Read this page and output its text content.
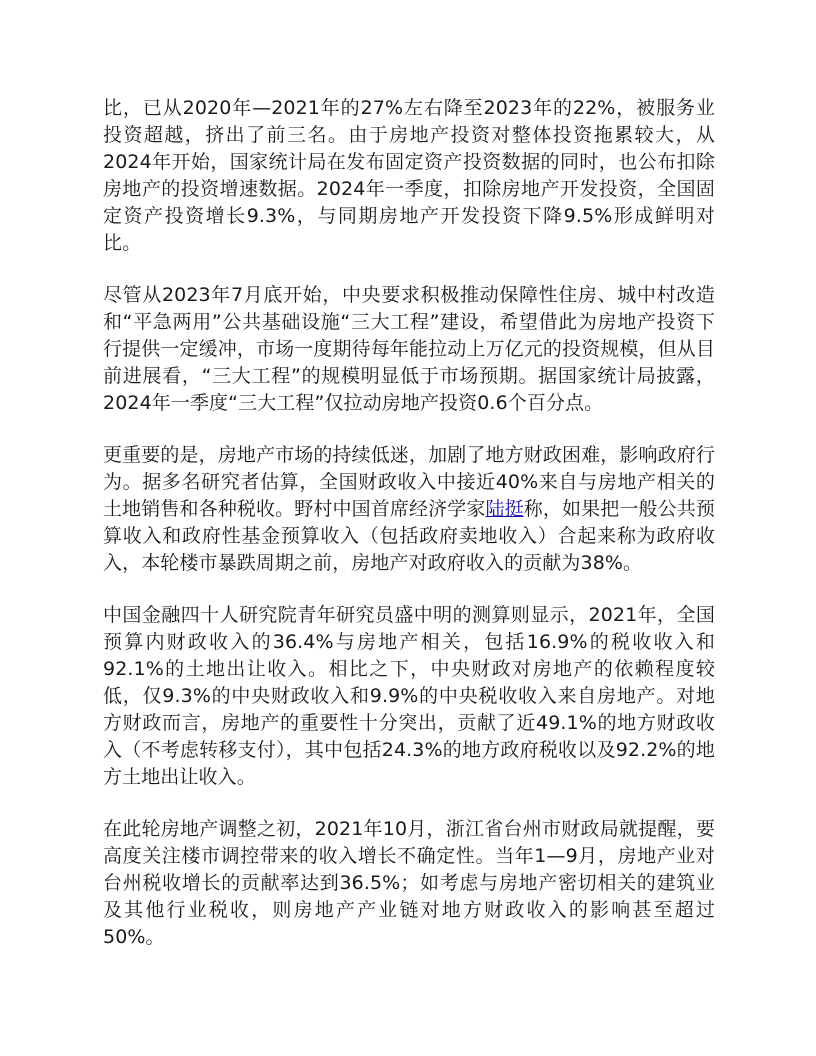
比，已从2020年—2021年的27%左右降至2023年的22%，被服务业投资超越，挤出了前三名。由于房地产投资对整体投资拖累较大，从2024年开始，国家统计局在发布固定资产投资数据的同时，也公布扣除房地产的投资增速数据。2024年一季度，扣除房地产开发投资，全国固定资产投资增长9.3%，与同期房地产开发投资下降9.5%形成鲜明对比。

尽管从2023年7月底开始，中央要求积极推动保障性住房、城中村改造和“平急两用”公共基础设施“三大工程”建设，希望借此为房地产投资下行提供一定缓冲，市场一度期待每年能拉动上万亿元的投资规模，但从目前进展看，“三大工程”的规模明显低于市场预期。据国家统计局披露，2024年一季度“三大工程”仅拉动房地产投资0.6个百分点。

更重要的是，房地产市场的持续低迷，加剧了地方财政困难，影响政府行为。据多名研究者估算，全国财政收入中接近40%来自与房地产相关的土地销售和各种税收。野村中国首席经济学家陆挺称，如果把一般公共预算收入和政府性基金预算收入（包括政府卖地收入）合起来称为政府收入，本轮楼市暴跌周期之前，房地产对政府收入的贡献为38%。

中国金融四十人研究院青年研究员盛中明的测算则显示，2021年，全国预算内财政收入的36.4%与房地产相关，包括16.9%的税收收入和92.1%的土地出让收入。相比之下，中央财政对房地产的依赖程度较低，仅9.3%的中央财政收入和9.9%的中央税收收入来自房地产。对地方财政而言，房地产的重要性十分突出，贡献了近49.1%的地方财政收入（不考虑转移支付），其中包括24.3%的地方政府税收以及92.2%的地方土地出让收入。

在此轮房地产调整之初，2021年10月，浙江省台州市财政局就提醒，要高度关注楼市调控带来的收入增长不确定性。当年1—9月，房地产业对台州税收增长的贡献率达到36.5%；如考虑与房地产密切相关的建筑业及其他行业税收，则房地产产业链对地方财政收入的影响甚至超过50%。
